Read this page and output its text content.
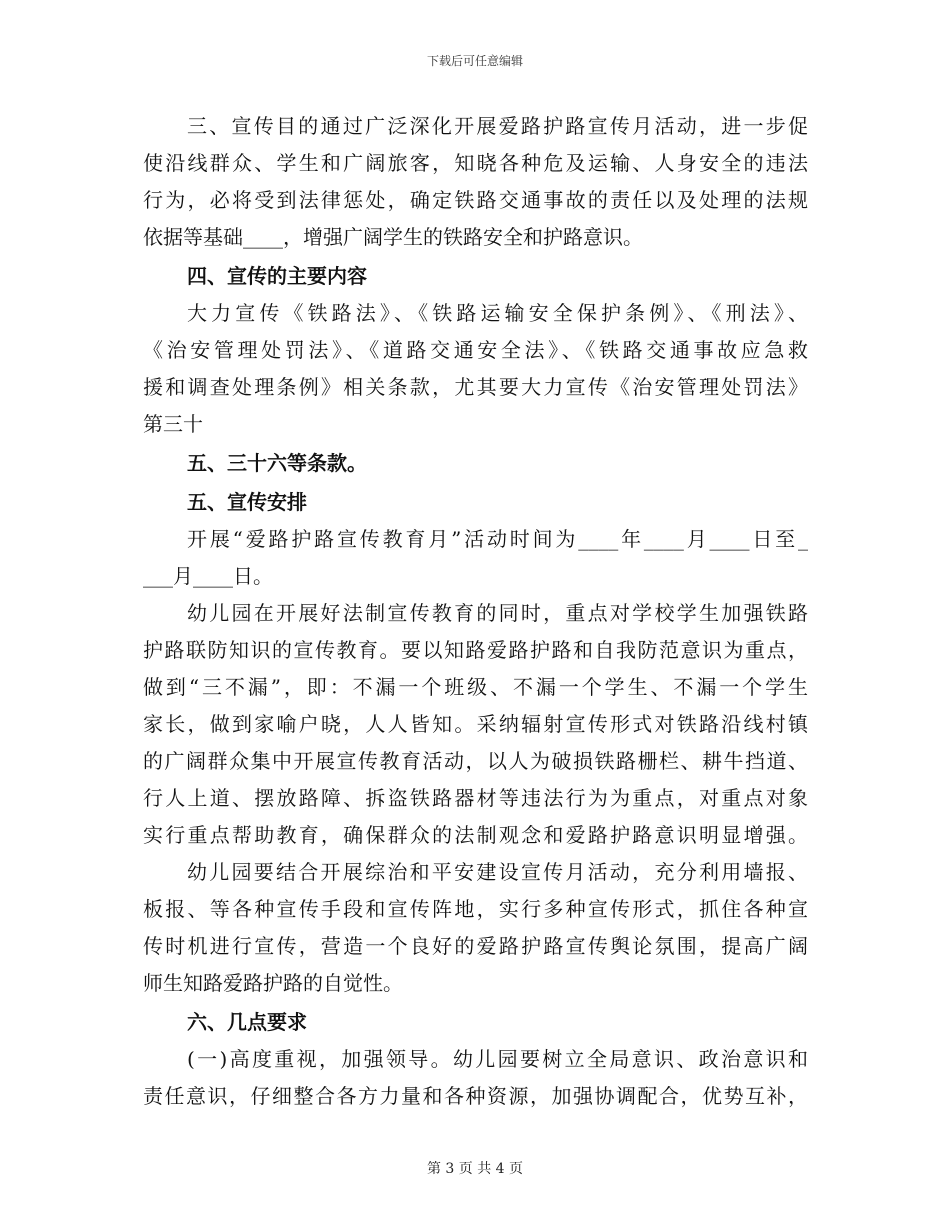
下载后可任意编辑
三、宣传目的通过广泛深化开展爱路护路宣传月活动，进一步促
使沿线群众、学生和广阔旅客，知晓各种危及运输、人身安全的违法
行为，必将受到法律惩处，确定铁路交通事故的责任以及处理的法规
依据等基础____，增强广阔学生的铁路安全和护路意识。
四、宣传的主要内容
大力宣传《铁路法》、《铁路运输安全保护条例》、《刑法》、
《治安管理处罚法》、《道路交通安全法》、《铁路交通事故应急救
援和调查处理条例》相关条款，尤其要大力宣传《治安管理处罚法》
第三十
五、三十六等条款。
五、宣传安排
开展“爱路护路宣传教育月”活动时间为____年____月____日至_
___月____日。
幼儿园在开展好法制宣传教育的同时，重点对学校学生加强铁路
护路联防知识的宣传教育。要以知路爱路护路和自我防范意识为重点，
做到“三不漏”，即：不漏一个班级、不漏一个学生、不漏一个学生
家长，做到家喻户晓，人人皆知。采纳辐射宣传形式对铁路沿线村镇
的广阔群众集中开展宣传教育活动，以人为破损铁路栅栏、耕牛挡道、
行人上道、摆放路障、拆盗铁路器材等违法行为为重点，对重点对象
实行重点帮助教育，确保群众的法制观念和爱路护路意识明显增强。
幼儿园要结合开展综治和平安建设宣传月活动，充分利用墙报、
板报、等各种宣传手段和宣传阵地，实行多种宣传形式，抓住各种宣
传时机进行宣传，营造一个良好的爱路护路宣传舆论氛围，提高广阔
师生知路爱路护路的自觉性。
六、几点要求
(一)高度重视，加强领导。幼儿园要树立全局意识、政治意识和
责任意识，仔细整合各方力量和各种资源，加强协调配合，优势互补，
第 3 页 共 4 页
